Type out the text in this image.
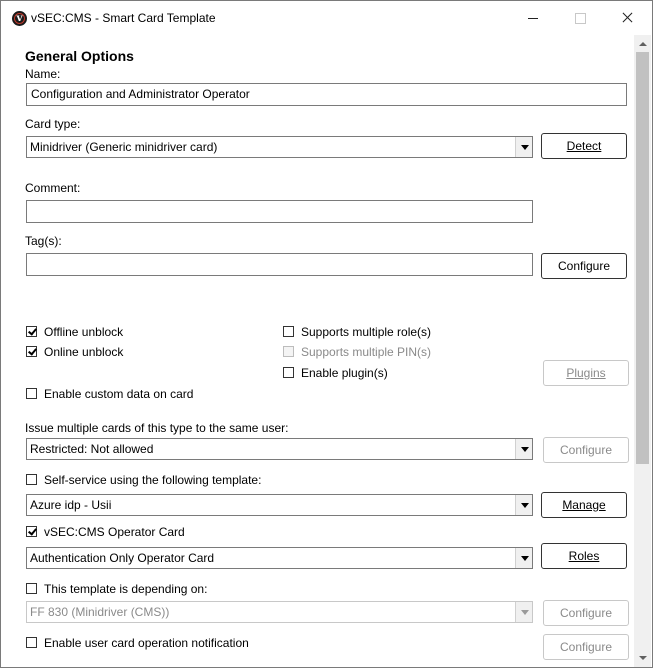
v vSEC:CMS - Smart Card Template
General Options
Name:
Configuration and Administrator Operator
Card type:
Minidriver (Generic minidriver card)	Detect
Comment:
Tag(s):
Configure
Offline unblock
Online unblock
Supports multiple role(s)
Supports multiple PIN(s)
Enable plugin(s)	Plugins
Enable custom data on card
Issue multiple cards of this type to the same user:
Restricted: Not allowed	Configure
Self-service using the following template:
Azure idp - Usii	Manage
vSEC:CMS Operator Card
Authentication Only Operator Card	Roles
This template is depending on:
FF 830 (Minidriver (CMS))	Configure
Enable user card operation notification	Configure
